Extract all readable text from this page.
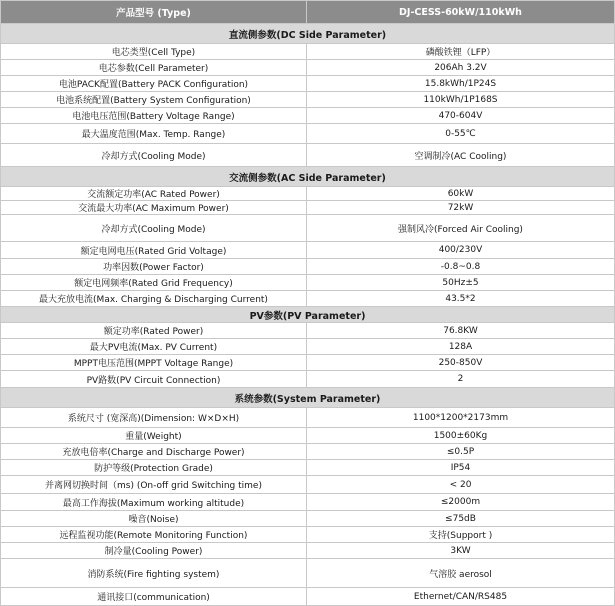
产品型号 (Type)	DJ-CESS-60kW/110kWh
直流侧参数(DC Side Parameter)	
电芯类型(Cell Type)	磷酸铁锂（LFP）
电芯参数(Cell Parameter)	206Ah 3.2V
电池PACK配置(Battery PACK Configuration)	15.8kWh/1P24S
电池系统配置(Battery System Configuration)	110kWh/1P168S
电池电压范围(Battery Voltage Range)	470-604V
最大温度范围(Max. Temp. Range)	0-55℃
冷却方式(Cooling Mode)	空调制冷(AC Cooling)
交流侧参数(AC Side Parameter)	
交流额定功率(AC Rated Power)	60kW
交流最大功率(AC Maximum Power)	72kW
冷却方式(Cooling Mode)	强制风冷(Forced Air Cooling)
额定电网电压(Rated Grid Voltage)	400/230V
功率因数(Power Factor)	-0.8~0.8
额定电网频率(Rated Grid Frequency)	50Hz±5
最大充放电流(Max. Charging & Discharging Current)	43.5*2
PV参数(PV Parameter)	
额定功率(Rated Power)	76.8KW
最大PV电流(Max. PV Current)	128A
MPPT电压范围(MPPT Voltage Range)	250-850V
PV路数(PV Circuit Connection)	2
系统参数(System Parameter)	
系统尺寸 (宽深高)(Dimension: W×D×H)	1100*1200*2173mm
重量(Weight)	1500±60Kg
充放电倍率(Charge and Discharge Power)	≤0.5P
防护等级(Protection Grade)	IP54
并离网切换时间（ms) (On-off grid Switching time)	< 20
最高工作海拔(Maximum working altitude)	≤2000m
噪音(Noise)	≤75dB
远程监视功能(Remote Monitoring Function)	支持(Support )
制冷量(Cooling Power)	3KW
消防系统(Fire fighting system)	气溶胶 aerosol
通讯接口(communication)	Ethernet/CAN/RS485
